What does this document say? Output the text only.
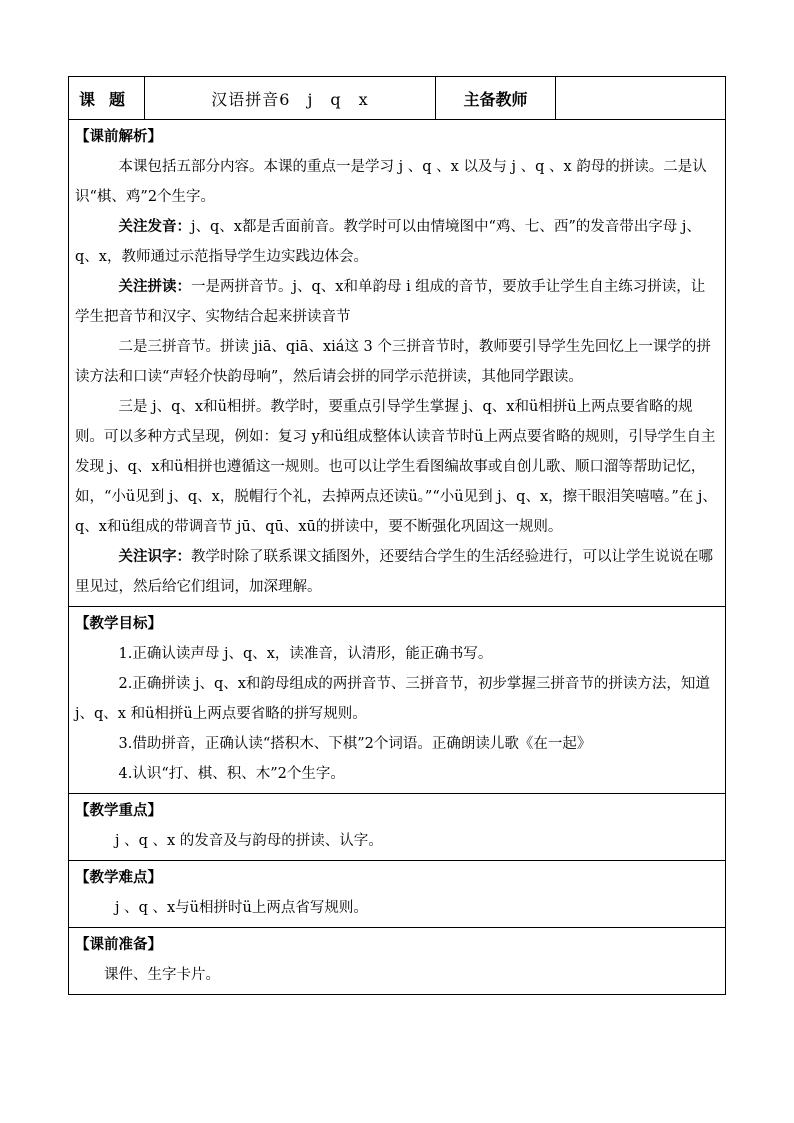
课题	汉语拼音6　j　q　x	主备教师	

【课前解析】

本课包括五部分内容。本课的重点一是学习 j 、q 、x 以及与 j 、q 、x 韵母的拼读。二是认识“棋、鸡”2个生字。

关注发音：j、q、x都是舌面前音。教学时可以由情境图中“鸡、七、西”的发音带出字母 j、q、x，教师通过示范指导学生边实践边体会。

关注拼读：一是两拼音节。j、q、x和单韵母 i 组成的音节，要放手让学生自主练习拼读，让学生把音节和汉字、实物结合起来拼读音节

二是三拼音节。拼读 jiā、qiā、xiá这 3 个三拼音节时，教师要引导学生先回忆上一课学的拼读方法和口读“声轻介快韵母响”，然后请会拼的同学示范拼读，其他同学跟读。

三是 j、q、x和ü相拼。教学时，要重点引导学生掌握 j、q、x和ü相拼ü上两点要省略的规则。可以多种方式呈现，例如：复习 y和ü组成整体认读音节时ü上两点要省略的规则，引导学生自主发现 j、q、x和ü相拼也遵循这一规则。也可以让学生看图编故事或自创儿歌、顺口溜等帮助记忆，如，“小ü见到 j、q、x，脱帽行个礼，去掉两点还读ü。”“小ü见到 j、q、x，擦干眼泪笑嘻嘻。”在 j、q、x和ü组成的带调音节 jū、qū、xū的拼读中，要不断强化巩固这一规则。

关注识字：教学时除了联系课文插图外，还要结合学生的生活经验进行，可以让学生说说在哪里见过，然后给它们组词，加深理解。

【教学目标】

1.正确认读声母 j、q、x，读准音，认清形，能正确书写。

2.正确拼读 j、q、x和韵母组成的两拼音节、三拼音节，初步掌握三拼音节的拼读方法，知道 j、q、x 和ü相拼ü上两点要省略的拼写规则。

3.借助拼音，正确认读“搭积木、下棋”2个词语。正确朗读儿歌《在一起》

4.认识“打、棋、积、木”2个生字。

【教学重点】

j 、q 、x 的发音及与韵母的拼读、认字。

【教学难点】

j 、q 、x与ü相拼时ü上两点省写规则。

【课前准备】

课件、生字卡片。
